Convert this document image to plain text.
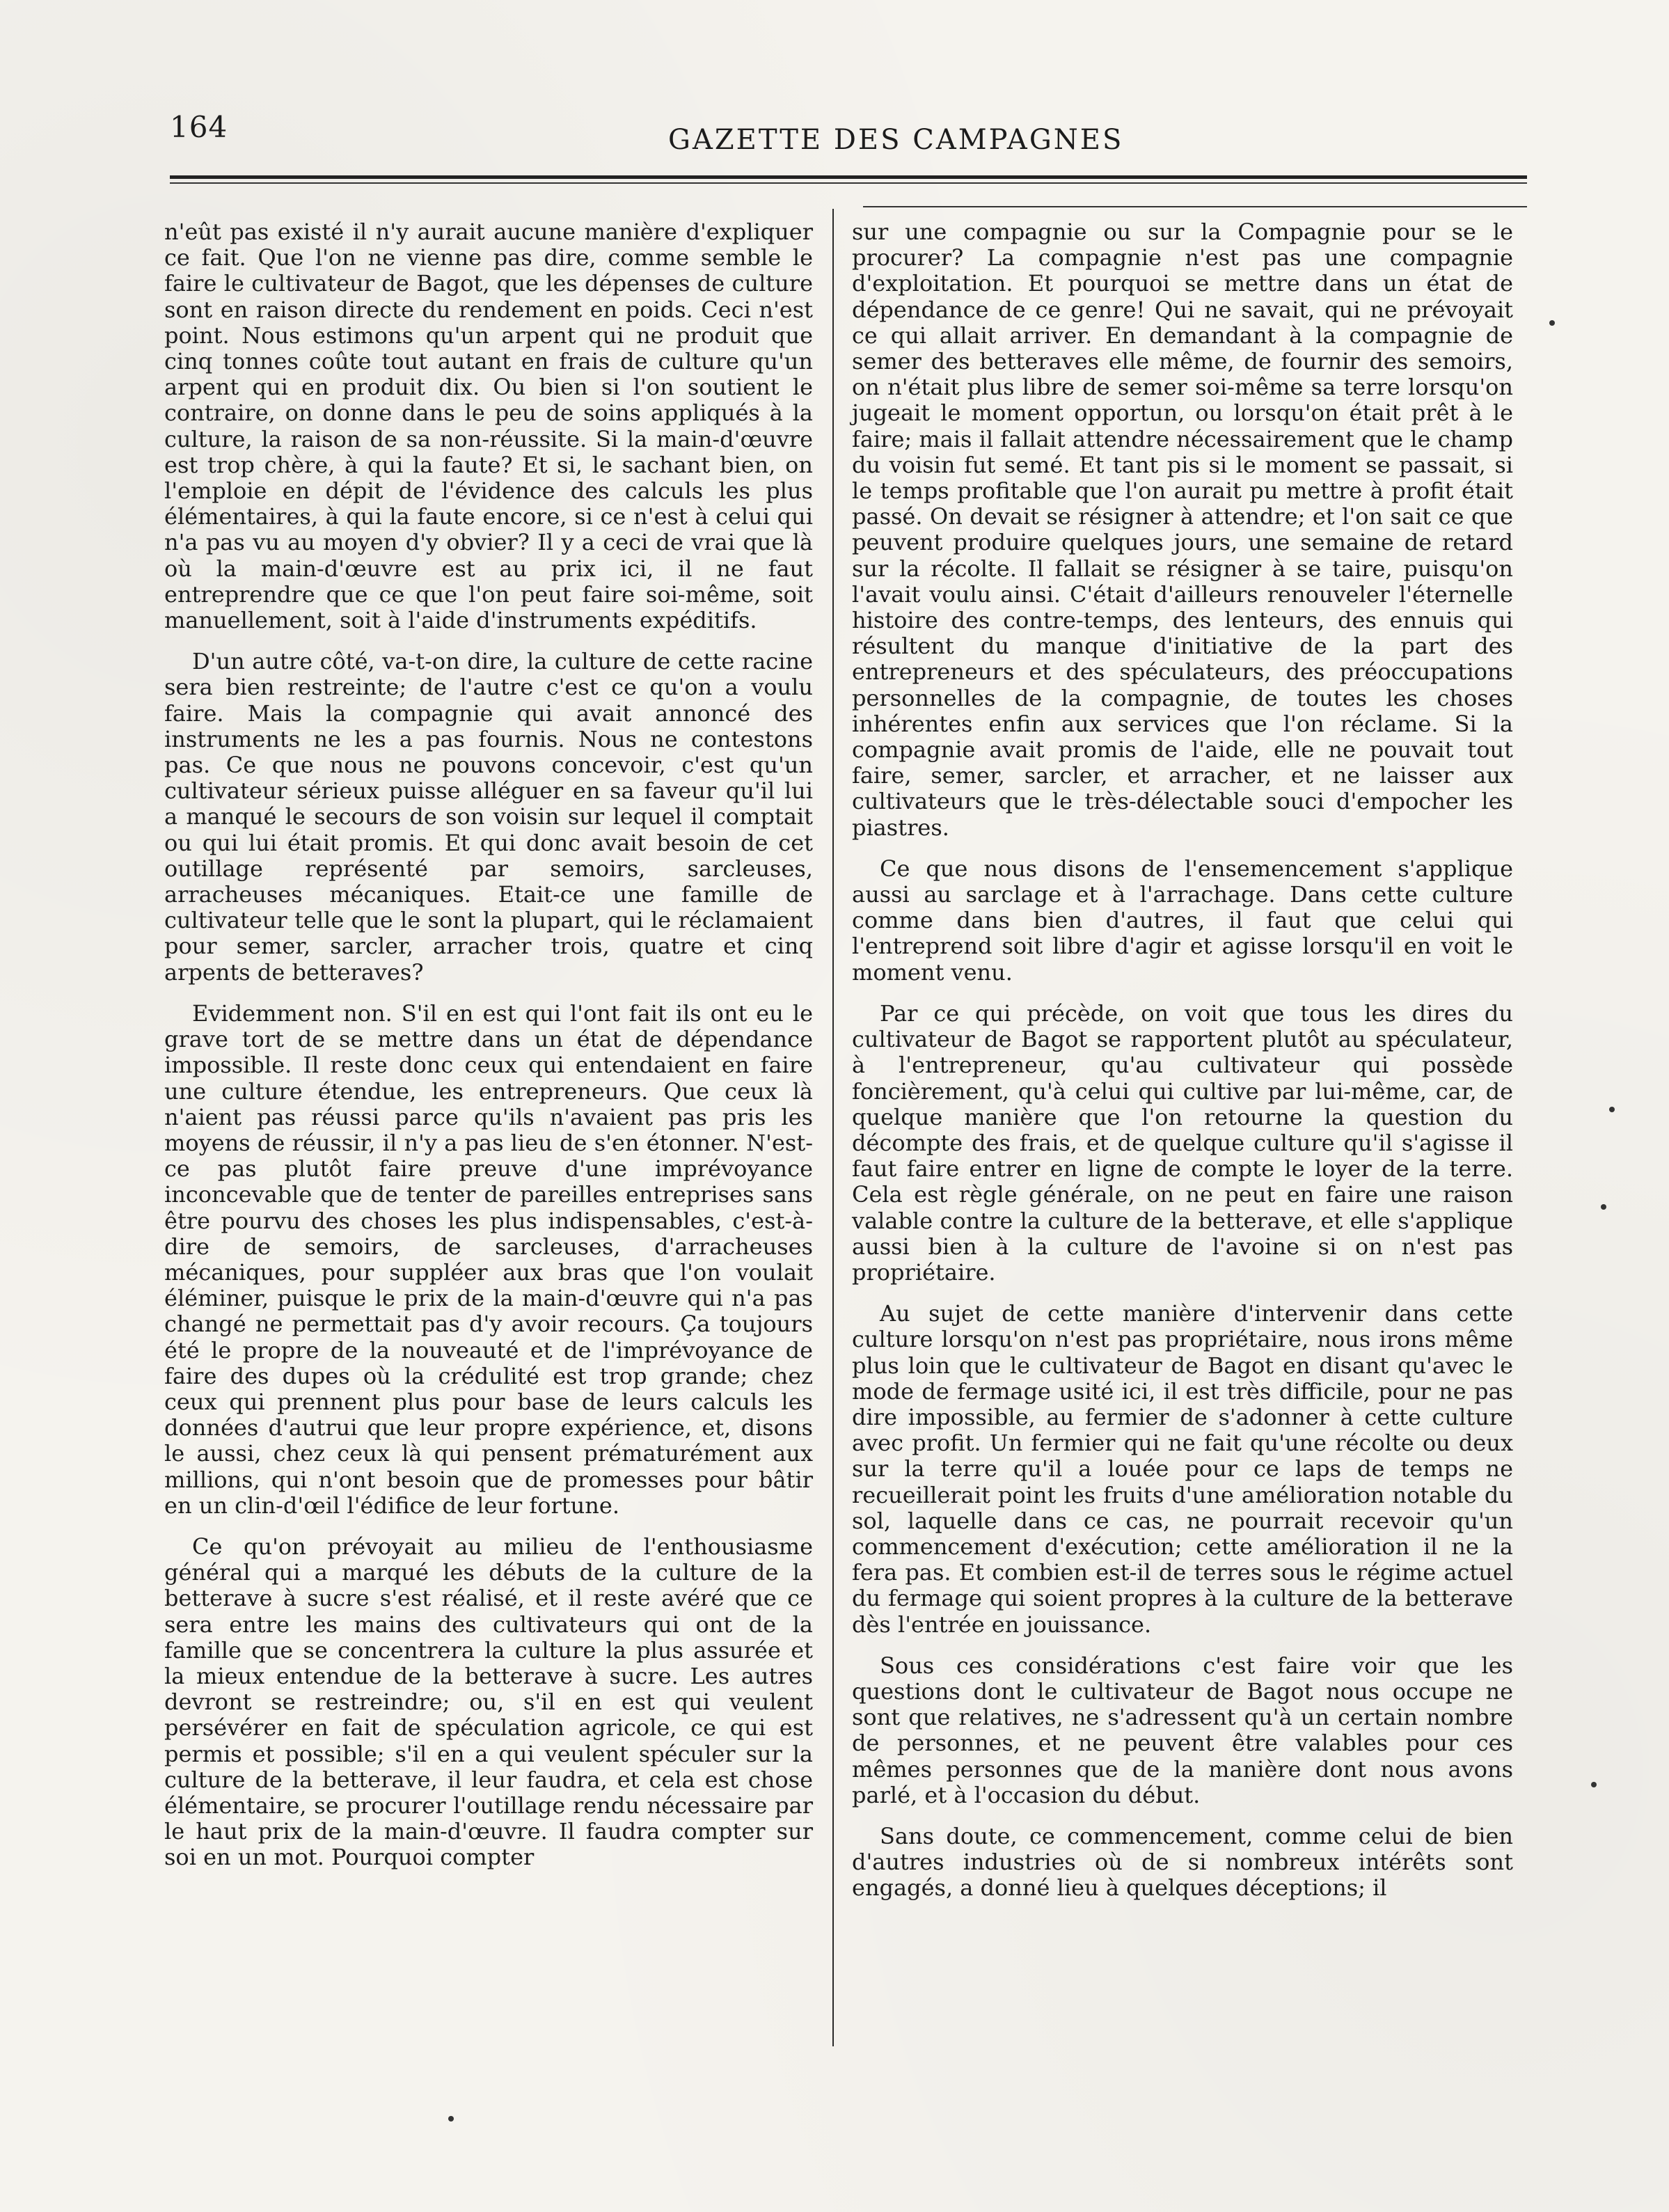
164	GAZETTE DES CAMPAGNES

n'eût pas existé il n'y aurait aucune manière d'expliquer ce fait. Que l'on ne vienne pas dire, comme semble le faire le cultivateur de Bagot, que les dépenses de culture sont en raison directe du rendement en poids. Ceci n'est point. Nous estimons qu'un arpent qui ne produit que cinq tonnes coûte tout autant en frais de culture qu'un arpent qui en produit dix. Ou bien si l'on soutient le contraire, on donne dans le peu de soins appliqués à la culture, la raison de sa non-réussite. Si la main-d'œuvre est trop chère, à qui la faute? Et si, le sachant bien, on l'emploie en dépit de l'évidence des calculs les plus élémentaires, à qui la faute encore, si ce n'est à celui qui n'a pas vu au moyen d'y obvier? Il y a ceci de vrai que là où la main-d'œuvre est au prix ici, il ne faut entreprendre que ce que l'on peut faire soi-même, soit manuellement, soit à l'aide d'instruments expéditifs.

D'un autre côté, va-t-on dire, la culture de cette racine sera bien restreinte; de l'autre c'est ce qu'on a voulu faire. Mais la compagnie qui avait annoncé des instruments ne les a pas fournis. Nous ne contestons pas. Ce que nous ne pouvons concevoir, c'est qu'un cultivateur sérieux puisse alléguer en sa faveur qu'il lui a manqué le secours de son voisin sur lequel il comptait ou qui lui était promis. Et qui donc avait besoin de cet outillage représenté par semoirs, sarcleuses, arracheuses mécaniques. Etait-ce une famille de cultivateur telle que le sont la plupart, qui le réclamaient pour semer, sarcler, arracher trois, quatre et cinq arpents de betteraves?

Evidemment non. S'il en est qui l'ont fait ils ont eu le grave tort de se mettre dans un état de dépendance impossible. Il reste donc ceux qui entendaient en faire une culture étendue, les entrepreneurs. Que ceux là n'aient pas réussi parce qu'ils n'avaient pas pris les moyens de réussir, il n'y a pas lieu de s'en étonner. N'est-ce pas plutôt faire preuve d'une imprévoyance inconcevable que de tenter de pareilles entreprises sans être pourvu des choses les plus indispensables, c'est-à-dire de semoirs, de sarcleuses, d'arracheuses mécaniques, pour suppléer aux bras que l'on voulait éléminer, puisque le prix de la main-d'œuvre qui n'a pas changé ne permettait pas d'y avoir recours. Ça toujours été le propre de la nouveauté et de l'imprévoyance de faire des dupes où la crédulité est trop grande; chez ceux qui prennent plus pour base de leurs calculs les données d'autrui que leur propre expérience, et, disons le aussi, chez ceux là qui pensent prématurément aux millions, qui n'ont besoin que de promesses pour bâtir en un clin-d'œil l'édifice de leur fortune.

Ce qu'on prévoyait au milieu de l'enthousiasme général qui a marqué les débuts de la culture de la betterave à sucre s'est réalisé, et il reste avéré que ce sera entre les mains des cultivateurs qui ont de la famille que se concentrera la culture la plus assurée et la mieux entendue de la betterave à sucre. Les autres devront se restreindre; ou, s'il en est qui veulent persévérer en fait de spéculation agricole, ce qui est permis et possible; s'il en a qui veulent spéculer sur la culture de la betterave, il leur faudra, et cela est chose élémentaire, se procurer l'outillage rendu nécessaire par le haut prix de la main-d'œuvre. Il faudra compter sur soi en un mot. Pourquoi compter

sur une compagnie ou sur la Compagnie pour se le procurer? La compagnie n'est pas une compagnie d'exploitation. Et pourquoi se mettre dans un état de dépendance de ce genre! Qui ne savait, qui ne prévoyait ce qui allait arriver. En demandant à la compagnie de semer des betteraves elle même, de fournir des semoirs, on n'était plus libre de semer soi-même sa terre lorsqu'on jugeait le moment opportun, ou lorsqu'on était prêt à le faire; mais il fallait attendre nécessairement que le champ du voisin fut semé. Et tant pis si le moment se passait, si le temps profitable que l'on aurait pu mettre à profit était passé. On devait se résigner à attendre; et l'on sait ce que peuvent produire quelques jours, une semaine de retard sur la récolte. Il fallait se résigner à se taire, puisqu'on l'avait voulu ainsi. C'était d'ailleurs renouveler l'éternelle histoire des contre-temps, des lenteurs, des ennuis qui résultent du manque d'initiative de la part des entrepreneurs et des spéculateurs, des préoccupations personnelles de la compagnie, de toutes les choses inhérentes enfin aux services que l'on réclame. Si la compagnie avait promis de l'aide, elle ne pouvait tout faire, semer, sarcler, et arracher, et ne laisser aux cultivateurs que le très-délectable souci d'empocher les piastres.

Ce que nous disons de l'ensemencement s'applique aussi au sarclage et à l'arrachage. Dans cette culture comme dans bien d'autres, il faut que celui qui l'entreprend soit libre d'agir et agisse lorsqu'il en voit le moment venu.

Par ce qui précède, on voit que tous les dires du cultivateur de Bagot se rapportent plutôt au spéculateur, à l'entrepreneur, qu'au cultivateur qui possède foncièrement, qu'à celui qui cultive par lui-même, car, de quelque manière que l'on retourne la question du décompte des frais, et de quelque culture qu'il s'agisse il faut faire entrer en ligne de compte le loyer de la terre. Cela est règle générale, on ne peut en faire une raison valable contre la culture de la betterave, et elle s'applique aussi bien à la culture de l'avoine si on n'est pas propriétaire.

Au sujet de cette manière d'intervenir dans cette culture lorsqu'on n'est pas propriétaire, nous irons même plus loin que le cultivateur de Bagot en disant qu'avec le mode de fermage usité ici, il est très difficile, pour ne pas dire impossible, au fermier de s'adonner à cette culture avec profit. Un fermier qui ne fait qu'une récolte ou deux sur la terre qu'il a louée pour ce laps de temps ne recueillerait point les fruits d'une amélioration notable du sol, laquelle dans ce cas, ne pourrait recevoir qu'un commencement d'exécution; cette amélioration il ne la fera pas. Et combien est-il de terres sous le régime actuel du fermage qui soient propres à la culture de la betterave dès l'entrée en jouissance.

Sous ces considérations c'est faire voir que les questions dont le cultivateur de Bagot nous occupe ne sont que relatives, ne s'adressent qu'à un certain nombre de personnes, et ne peuvent être valables pour ces mêmes personnes que de la manière dont nous avons parlé, et à l'occasion du début.

Sans doute, ce commencement, comme celui de bien d'autres industries où de si nombreux intérêts sont engagés, a donné lieu à quelques déceptions; il
